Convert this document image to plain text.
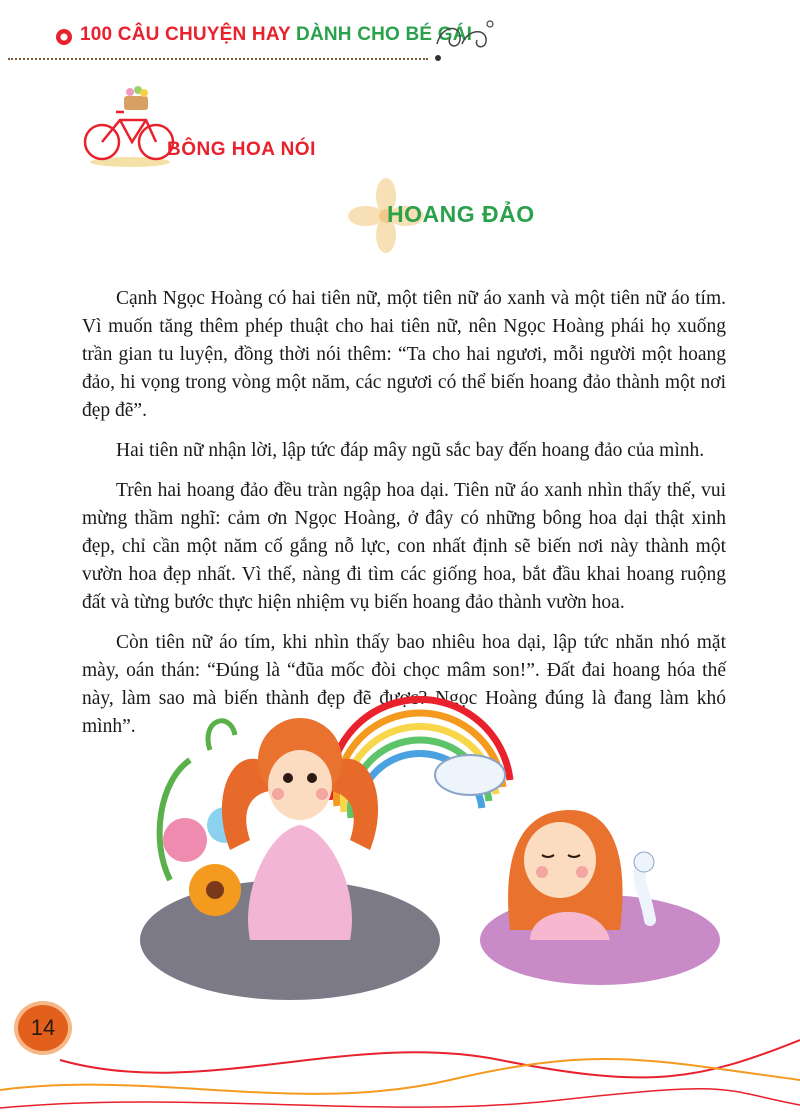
100 CÂU CHUYỆN HAY DÀNH CHO BÉ GÁI
BÔNG HOA NÓI
HOANG ĐẢO

Cạnh Ngọc Hoàng có hai tiên nữ, một tiên nữ áo xanh và một tiên nữ áo tím. Vì muốn tăng thêm phép thuật cho hai tiên nữ, nên Ngọc Hoàng phái họ xuống trần gian tu luyện, đồng thời nói thêm: “Ta cho hai ngươi, mỗi người một hoang đảo, hi vọng trong vòng một năm, các ngươi có thể biến hoang đảo thành một nơi đẹp đẽ”.

Hai tiên nữ nhận lời, lập tức đáp mây ngũ sắc bay đến hoang đảo của mình.

Trên hai hoang đảo đều tràn ngập hoa dại. Tiên nữ áo xanh nhìn thấy thế, vui mừng thầm nghĩ: cảm ơn Ngọc Hoàng, ở đây có những bông hoa dại thật xinh đẹp, chỉ cần một năm cố gắng nỗ lực, con nhất định sẽ biến nơi này thành một vườn hoa đẹp nhất. Vì thế, nàng đi tìm các giống hoa, bắt đầu khai hoang ruộng đất và từng bước thực hiện nhiệm vụ biến hoang đảo thành vườn hoa.

Còn tiên nữ áo tím, khi nhìn thấy bao nhiêu hoa dại, lập tức nhăn nhó mặt mày, oán thán: “Đúng là “đũa mốc đòi chọc mâm son!”. Đất đai hoang hóa thế này, làm sao mà biến thành đẹp đẽ được? Ngọc Hoàng đúng là đang làm khó mình”.

14
